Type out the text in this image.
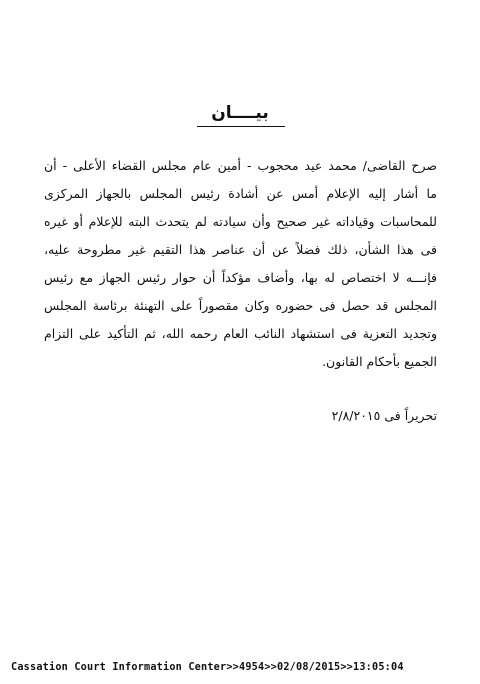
بيــــان
صرح القاضى/ محمد عيد محجوب - أمين عام مجلس القضاء الأعلى - أن
ما أشار إليه الإعلام أمس عن أشادة رئيس المجلس بالجهاز المركزى
للمحاسبات وقياداته غير صحيح وأن سيادته لم يتحدث البته للإعلام أو غيره
فى هذا الشأن، ذلك فضلاً عن أن عناصر هذا التقيم غير مطروحة عليه،
فإنـــه لا اختصاص له بها، وأضاف مؤكداً أن حوار رئيس الجهاز مع رئيس
المجلس قد حصل فى حضوره وكان مقصوراً على التهنئة برئاسة المجلس
وتجديد التعزية فى استشهاد النائب العام رحمه الله، ثم التأكيد على التزام
الجميع بأحكام القانون.
تحريراً فى ٢/٨/٢٠١٥
Cassation Court Information Center>>4954>>02/08/2015>>13:05:04
